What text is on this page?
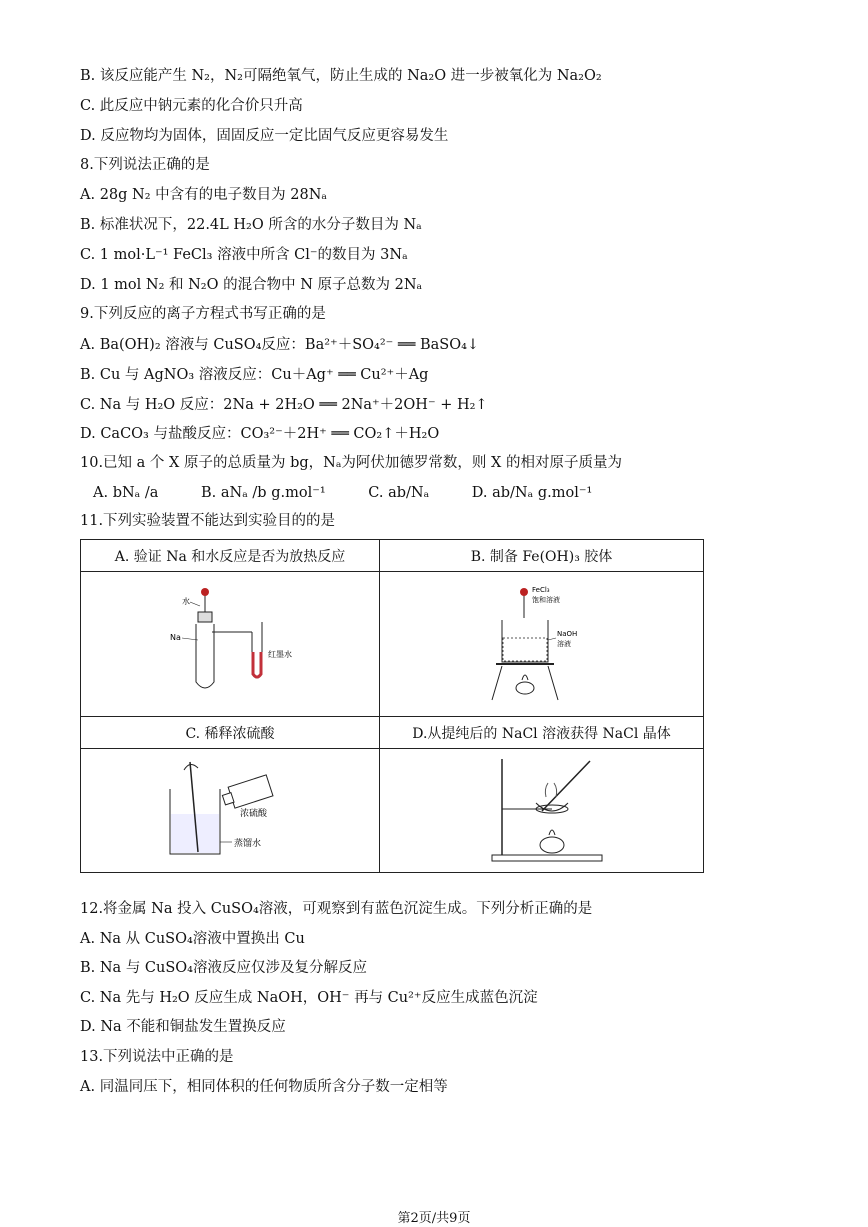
B. 该反应能产生 N₂，N₂可隔绝氧气，防止生成的 Na₂O 进一步被氧化为 Na₂O₂
C. 此反应中钠元素的化合价只升高
D. 反应物均为固体，固固反应一定比固气反应更容易发生
8.下列说法正确的是
A. 28g N₂ 中含有的电子数目为 28Nₐ
B. 标准状况下，22.4L H₂O 所含的水分子数目为 Nₐ
C. 1 mol·L⁻¹ FeCl₃ 溶液中所含 Cl⁻的数目为 3Nₐ
D. 1 mol N₂ 和 N₂O 的混合物中 N 原子总数为 2Nₐ
9.下列反应的离子方程式书写正确的是
A. Ba(OH)₂ 溶液与 CuSO₄反应：Ba²⁺＋SO₄²⁻ ══ BaSO₄↓
B. Cu 与 AgNO₃ 溶液反应：Cu＋Ag⁺ ══ Cu²⁺＋Ag
C. Na 与 H₂O 反应：2Na + 2H₂O ══ 2Na⁺＋2OH⁻ + H₂↑
D. CaCO₃ 与盐酸反应：CO₃²⁻＋2H⁺ ══ CO₂↑＋H₂O
10.已知 a 个 X 原子的总质量为 bg，Nₐ为阿伏加德罗常数，则 X 的相对原子质量为
A. bNₐ /a	B. aNₐ /b g.mol⁻¹	C. ab/Nₐ	D. ab/Nₐ g.mol⁻¹
11.下列实验装置不能达到实验目的的是
A. 验证 Na 和水反应是否为放热反应	B. 制备 Fe(OH)₃ 胶体

水
Na
红墨水	FeCl₃
饱和溶液
NaOH
溶液

C. 稀释浓硫酸	D.从提纯后的 NaCl 溶液获得 NaCl 晶体

浓硫酸
蒸馏水

12.将金属 Na 投入 CuSO₄溶液，可观察到有蓝色沉淀生成。下列分析正确的是
A. Na 从 CuSO₄溶液中置换出 Cu
B. Na 与 CuSO₄溶液反应仅涉及复分解反应
C. Na 先与 H₂O 反应生成 NaOH，OH⁻ 再与 Cu²⁺反应生成蓝色沉淀
D. Na 不能和铜盐发生置换反应
13.下列说法中正确的是
A. 同温同压下，相同体积的任何物质所含分子数一定相等
第2页/共9页
